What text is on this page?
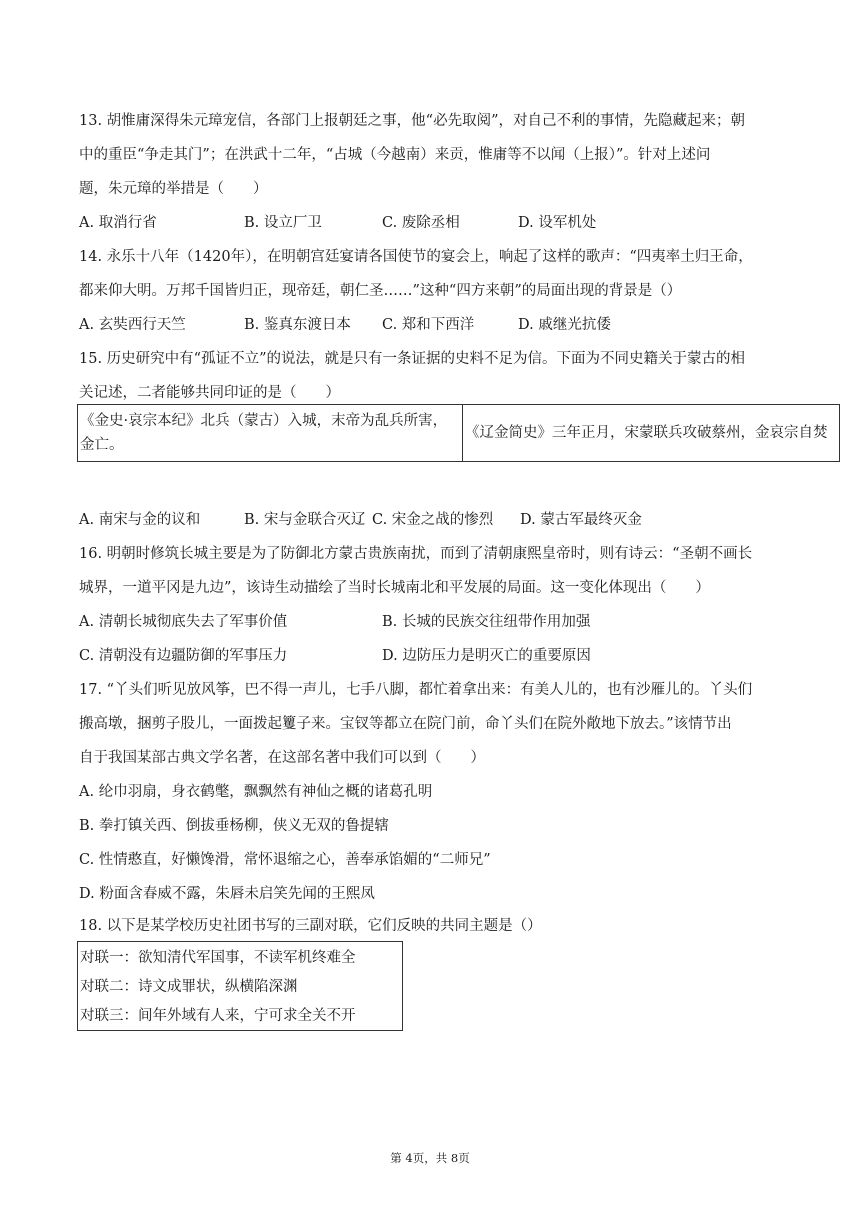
13. 胡惟庸深得朱元璋宠信，各部门上报朝廷之事，他“必先取阅”，对自己不利的事情，先隐藏起来；朝
中的重臣“争走其门”；在洪武十二年，“占城（今越南）来贡，惟庸等不以闻（上报）”。针对上述问
题，朱元璋的举措是（　　）
A. 取消行省	B. 设立厂卫	C. 废除丞相	D. 设军机处
14. 永乐十八年（1420年），在明朝宫廷宴请各国使节的宴会上，响起了这样的歌声：“四夷率土归王命，
都来仰大明。万邦千国皆归正，现帝廷，朝仁圣……”这种“四方来朝”的局面出现的背景是（）
A. 玄奘西行天竺	B. 鉴真东渡日本 C. 郑和下西洋	D. 戚继光抗倭
15. 历史研究中有“孤证不立”的说法，就是只有一条证据的史料不足为信。下面为不同史籍关于蒙古的相
关记述，二者能够共同印证的是（　　）
《金史·哀宗本纪》北兵（蒙古）入城，末帝为乱兵所害，金亡。	《辽金简史》三年正月，宋蒙联兵攻破蔡州，金哀宗自焚
A. 南宋与金的议和	B. 宋与金联合灭辽 C. 宋金之战的惨烈 D. 蒙古军最终灭金
16. 明朝时修筑长城主要是为了防御北方蒙古贵族南扰，而到了清朝康熙皇帝时，则有诗云：“圣朝不画长
城界，一道平冈是九边”，该诗生动描绘了当时长城南北和平发展的局面。这一变化体现出（　　）
A. 清朝长城彻底失去了军事价值	B. 长城的民族交往纽带作用加强
C. 清朝没有边疆防御的军事压力	D. 边防压力是明灭亡的重要原因
17. “丫头们听见放风筝，巴不得一声儿，七手八脚，都忙着拿出来：有美人儿的，也有沙雁儿的。丫头们
搬高墩，捆剪子股儿，一面拨起籰子来。宝钗等都立在院门前，命丫头们在院外敞地下放去。”该情节出
自于我国某部古典文学名著，在这部名著中我们可以到（　　）
A. 纶巾羽扇，身衣鹤氅，飘飘然有神仙之概的诸葛孔明
B. 拳打镇关西、倒拔垂杨柳，侠义无双的鲁提辖
C. 性情憨直，好懒馋滑，常怀退缩之心，善奉承馅媚的“二师兄”
D. 粉面含春威不露，朱唇未启笑先闻的王熙凤
18. 以下是某学校历史社团书写的三副对联，它们反映的共同主题是（）
对联一：欲知清代军国事，不读军机终难全
对联二：诗文成罪状，纵横陷深渊
对联三：间年外域有人来，宁可求全关不开
第 4页，共 8页
